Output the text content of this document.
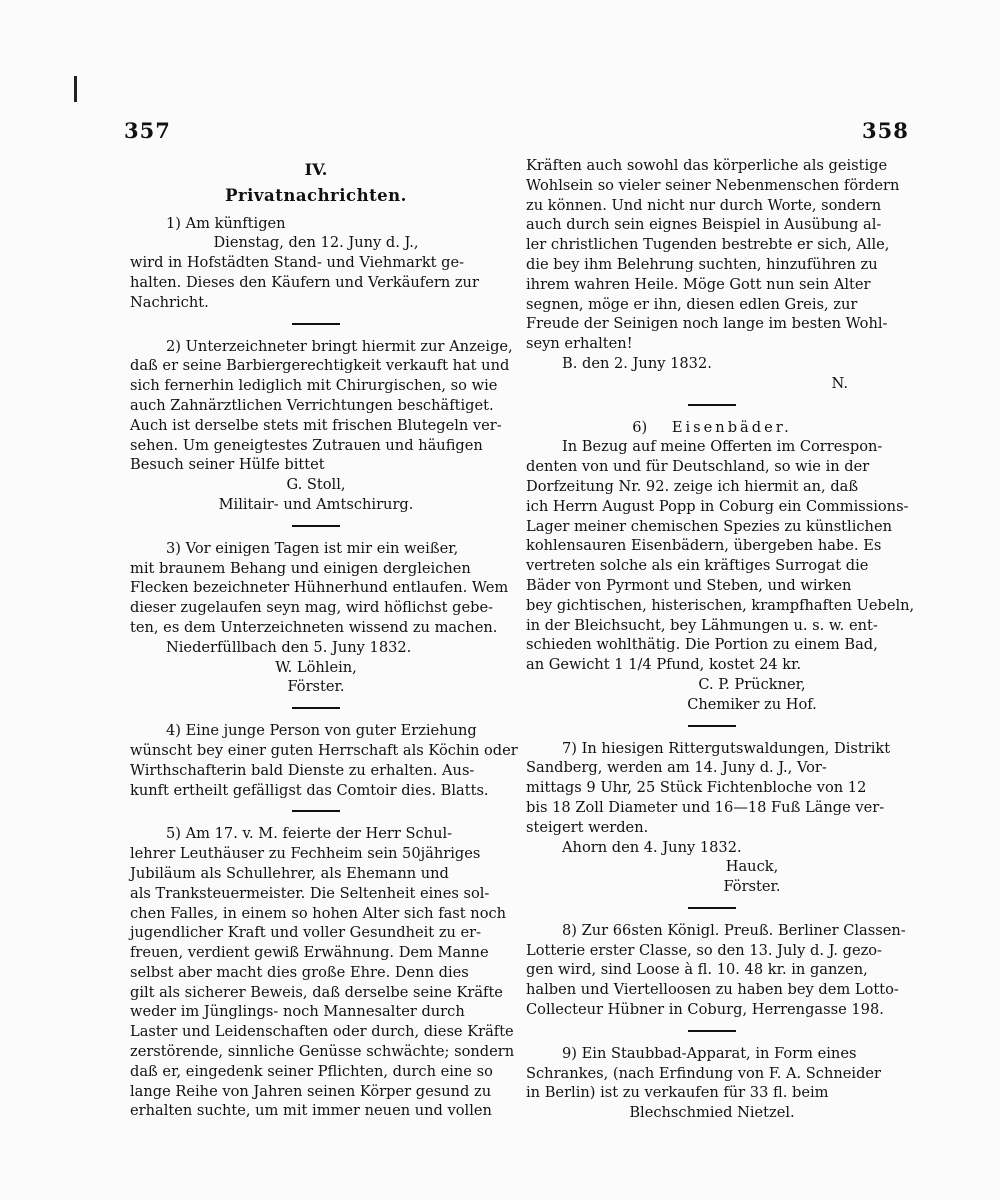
357	358
IV.
Privatnachrichten.
1) Am künftigen
Dienstag, den 12. Juny d. J.,
wird in Hofstädten Stand- und Viehmarkt ge-
halten. Dieses den Käufern und Verkäufern zur
Nachricht.
2) Unterzeichneter bringt hiermit zur Anzeige,
daß er seine Barbiergerechtigkeit verkauft hat und
sich fernerhin lediglich mit Chirurgischen, so wie
auch Zahnärztlichen Verrichtungen beschäftiget.
Auch ist derselbe stets mit frischen Blutegeln ver-
sehen. Um geneigtestes Zutrauen und häufigen
Besuch seiner Hülfe bittet
G. Stoll,
Militair- und Amtschirurg.
3) Vor einigen Tagen ist mir ein weißer,
mit braunem Behang und einigen dergleichen
Flecken bezeichneter Hühnerhund entlaufen. Wem
dieser zugelaufen seyn mag, wird höflichst gebe-
ten, es dem Unterzeichneten wissend zu machen.
Niederfüllbach den 5. Juny 1832.
W. Löhlein,
Förster.
4) Eine junge Person von guter Erziehung
wünscht bey einer guten Herrschaft als Köchin oder
Wirthschafterin bald Dienste zu erhalten. Aus-
kunft ertheilt gefälligst das Comtoir dies. Blatts.
5) Am 17. v. M. feierte der Herr Schul-
lehrer Leuthäuser zu Fechheim sein 50jähriges
Jubiläum als Schullehrer, als Ehemann und
als Tranksteuermeister. Die Seltenheit eines sol-
chen Falles, in einem so hohen Alter sich fast noch
jugendlicher Kraft und voller Gesundheit zu er-
freuen, verdient gewiß Erwähnung. Dem Manne
selbst aber macht dies große Ehre. Denn dies
gilt als sicherer Beweis, daß derselbe seine Kräfte
weder im Jünglings- noch Mannesalter durch
Laster und Leidenschaften oder durch, diese Kräfte
zerstörende, sinnliche Genüsse schwächte; sondern
daß er, eingedenk seiner Pflichten, durch eine so
lange Reihe von Jahren seinen Körper gesund zu
erhalten suchte, um mit immer neuen und vollen
Kräften auch sowohl das körperliche als geistige
Wohlsein so vieler seiner Nebenmenschen fördern
zu können. Und nicht nur durch Worte, sondern
auch durch sein eignes Beispiel in Ausübung al-
ler christlichen Tugenden bestrebte er sich, Alle,
die bey ihm Belehrung suchten, hinzuführen zu
ihrem wahren Heile. Möge Gott nun sein Alter
segnen, möge er ihn, diesen edlen Greis, zur
Freude der Seinigen noch lange im besten Wohl-
seyn erhalten!
B. den 2. Juny 1832.
N.
6) Eisenbäder.
In Bezug auf meine Offerten im Correspon-
denten von und für Deutschland, so wie in der
Dorfzeitung Nr. 92. zeige ich hiermit an, daß
ich Herrn August Popp in Coburg ein Commissions-
Lager meiner chemischen Spezies zu künstlichen
kohlensauren Eisenbädern, übergeben habe. Es
vertreten solche als ein kräftiges Surrogat die
Bäder von Pyrmont und Steben, und wirken
bey gichtischen, histerischen, krampfhaften Uebeln,
in der Bleichsucht, bey Lähmungen u. s. w. ent-
schieden wohlthätig. Die Portion zu einem Bad,
an Gewicht 1 1/4 Pfund, kostet 24 kr.
C. P. Prückner,
Chemiker zu Hof.
7) In hiesigen Rittergutswaldungen, Distrikt
Sandberg, werden am 14. Juny d. J., Vor-
mittags 9 Uhr, 25 Stück Fichtenbloche von 12
bis 18 Zoll Diameter und 16—18 Fuß Länge ver-
steigert werden.
Ahorn den 4. Juny 1832.
Hauck,
Förster.
8) Zur 66sten Königl. Preuß. Berliner Classen-
Lotterie erster Classe, so den 13. July d. J. gezo-
gen wird, sind Loose à fl. 10. 48 kr. in ganzen,
halben und Viertelloosen zu haben bey dem Lotto-
Collecteur Hübner in Coburg, Herrengasse 198.
9) Ein Staubbad-Apparat, in Form eines
Schrankes, (nach Erfindung von F. A. Schneider
in Berlin) ist zu verkaufen für 33 fl. beim
Blechschmied Nietzel.
